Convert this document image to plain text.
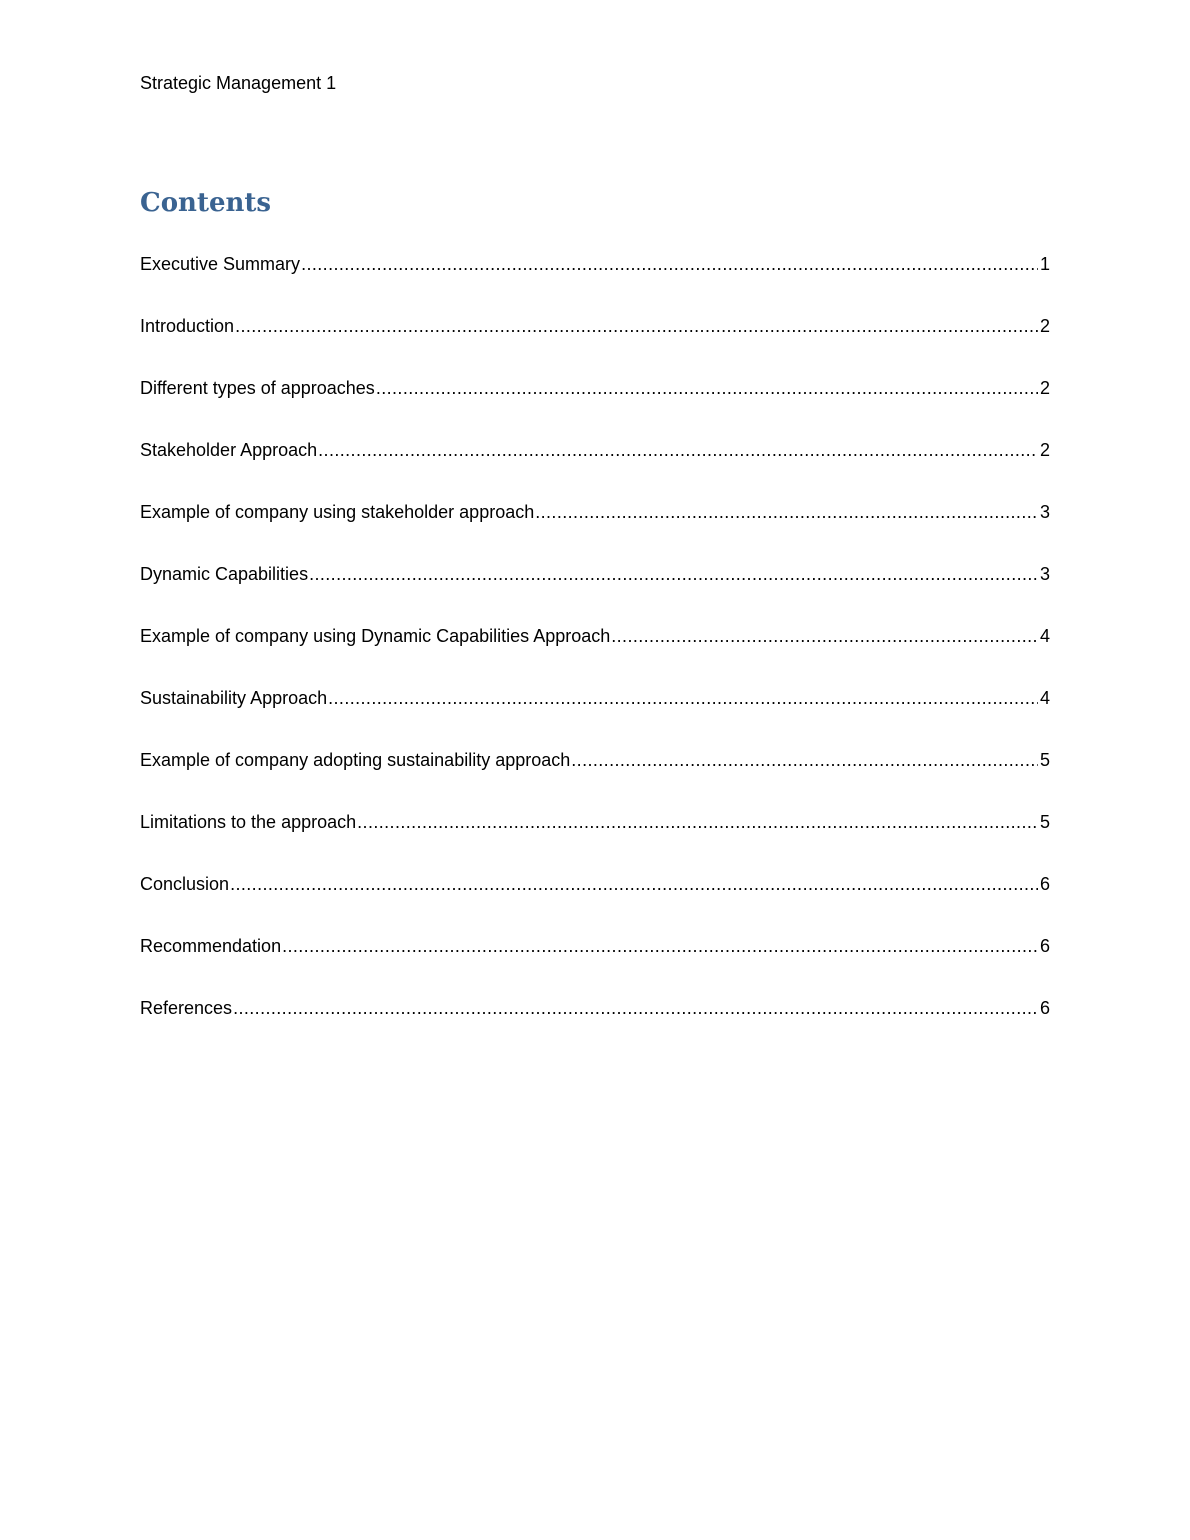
Strategic Management 1
Contents
Executive Summary .....	1
Introduction .....	2
Different types of approaches .....	2
Stakeholder Approach .....	2
Example of company using stakeholder approach .....	3
Dynamic Capabilities .....	3
Example of company using Dynamic Capabilities Approach .....	4
Sustainability Approach .....	4
Example of company adopting sustainability approach .....	5
Limitations to the approach .....	5
Conclusion .....	6
Recommendation .....	6
References .....	6
